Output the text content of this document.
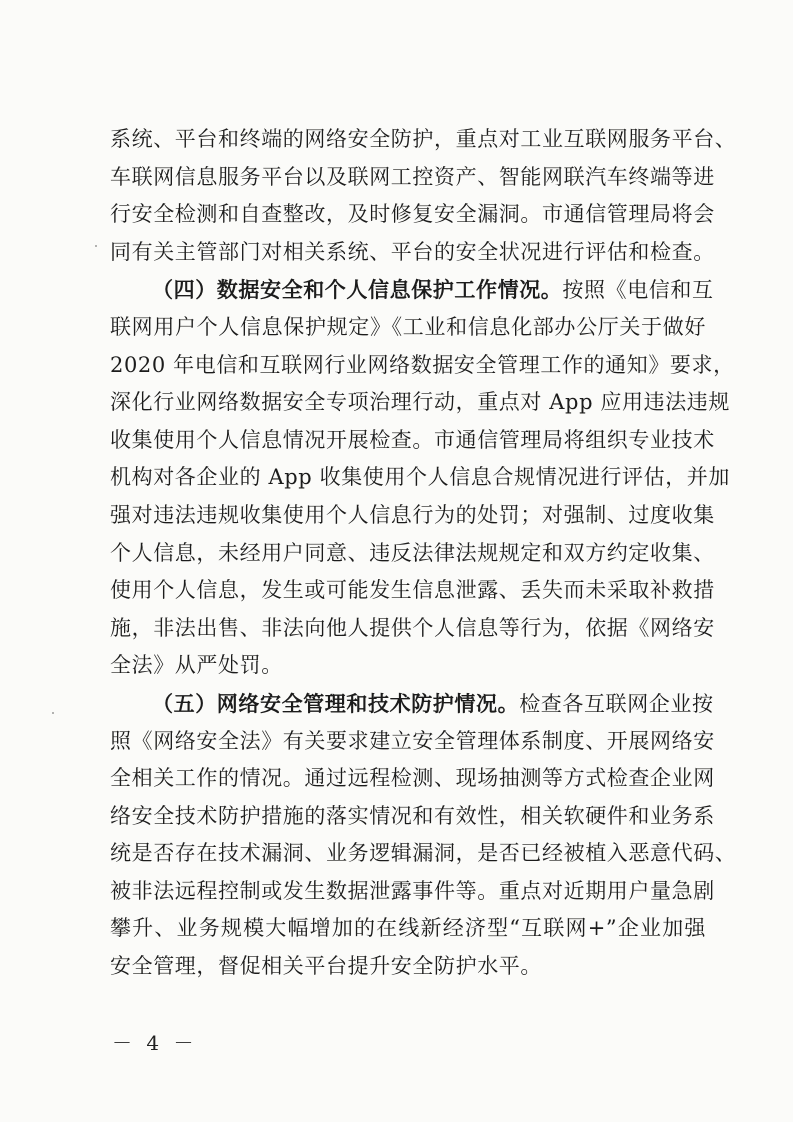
系统、平台和终端的网络安全防护，重点对工业互联网服务平台、
车联网信息服务平台以及联网工控资产、智能网联汽车终端等进
行安全检测和自查整改，及时修复安全漏洞。市通信管理局将会
同有关主管部门对相关系统、平台的安全状况进行评估和检查。
（四）数据安全和个人信息保护工作情况。按照《电信和互
联网用户个人信息保护规定》《工业和信息化部办公厅关于做好
2020 年电信和互联网行业网络数据安全管理工作的通知》要求，
深化行业网络数据安全专项治理行动，重点对 App 应用违法违规
收集使用个人信息情况开展检查。市通信管理局将组织专业技术
机构对各企业的 App 收集使用个人信息合规情况进行评估，并加
强对违法违规收集使用个人信息行为的处罚；对强制、过度收集
个人信息，未经用户同意、违反法律法规规定和双方约定收集、
使用个人信息，发生或可能发生信息泄露、丢失而未采取补救措
施，非法出售、非法向他人提供个人信息等行为，依据《网络安
全法》从严处罚。
（五）网络安全管理和技术防护情况。检查各互联网企业按
照《网络安全法》有关要求建立安全管理体系制度、开展网络安
全相关工作的情况。通过远程检测、现场抽测等方式检查企业网
络安全技术防护措施的落实情况和有效性，相关软硬件和业务系
统是否存在技术漏洞、业务逻辑漏洞，是否已经被植入恶意代码、
被非法远程控制或发生数据泄露事件等。重点对近期用户量急剧
攀升、业务规模大幅增加的在线新经济型“互联网+”企业加强
安全管理，督促相关平台提升安全防护水平。
－ 4 －
